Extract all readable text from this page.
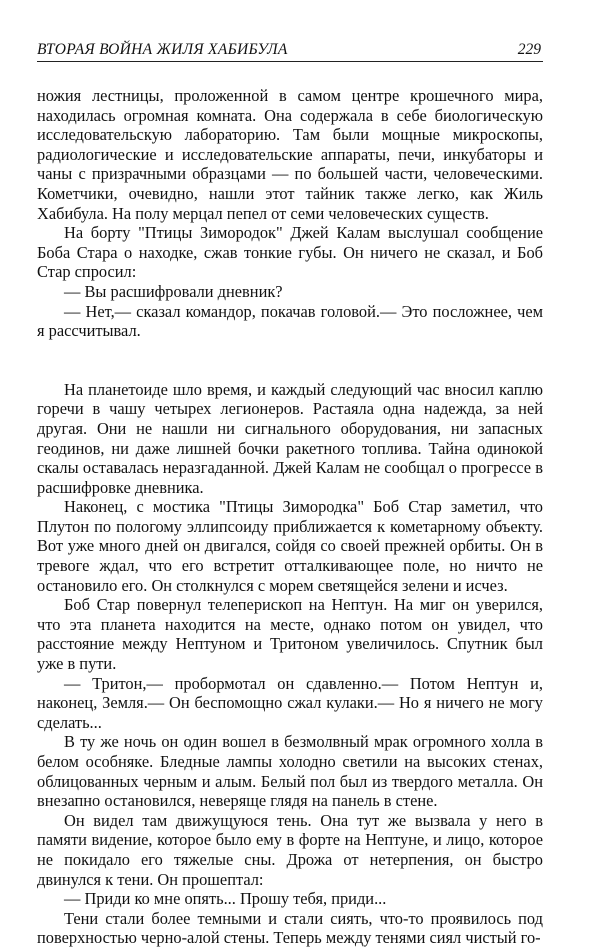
ВТОРАЯ ВОЙНА ЖИЛЯ ХАБИБУЛА	229

ножия лестницы, проложенной в самом центре крошечного мира, находилась огромная комната. Она содержала в себе биологическую исследовательскую лабораторию. Там были мощные микроскопы, радиологические и исследовательские аппараты, печи, инкубаторы и чаны с призрачными образцами — по большей части, человеческими. Кометчики, очевидно, нашли этот тайник также легко, как Жиль Хабибула. На полу мерцал пепел от семи человеческих существ.

На борту "Птицы Зимородок" Джей Калам выслушал сообщение Боба Стара о находке, сжав тонкие губы. Он ничего не сказал, и Боб Стар спросил:

— Вы расшифровали дневник?

— Нет,— сказал командор, покачав головой.— Это посложнее, чем я рассчитывал.

На планетоиде шло время, и каждый следующий час вносил каплю горечи в чашу четырех легионеров. Растаяла одна надежда, за ней другая. Они не нашли ни сигнального оборудования, ни запасных геодинов, ни даже лишней бочки ракетного топлива. Тайна одинокой скалы оставалась неразгаданной. Джей Калам не сообщал о прогрессе в расшифровке дневника.

Наконец, с мостика "Птицы Зимородка" Боб Стар заметил, что Плутон по пологому эллипсоиду приближается к кометарному объекту. Вот уже много дней он двигался, сойдя со своей прежней орбиты. Он в тревоге ждал, что его встретит отталкивающее поле, но ничто не остановило его. Он столкнулся с морем светящейся зелени и исчез.

Боб Стар повернул телеперископ на Нептун. На миг он уверился, что эта планета находится на месте, однако потом он увидел, что расстояние между Нептуном и Тритоном увеличилось. Спутник был уже в пути.

— Тритон,— пробормотал он сдавленно.— Потом Нептун и, наконец, Земля.— Он беспомощно сжал кулаки.— Но я ничего не могу сделать...

В ту же ночь он один вошел в безмолвный мрак огромного холла в белом особняке. Бледные лампы холодно светили на высоких стенах, облицованных черным и алым. Белый пол был из твердого металла. Он внезапно остановился, неверяще глядя на панель в стене.

Он видел там движущуюся тень. Она тут же вызвала у него в памяти видение, которое было ему в форте на Нептуне, и лицо, которое не покидало его тяжелые сны. Дрожа от нетерпения, он быстро двинулся к тени. Он прошептал:

— Приди ко мне опять... Прошу тебя, приди...

Тени стали более темными и стали сиять, что-то проявилось под поверхностью черно-алой стены. Теперь между тенями сиял чистый го-
